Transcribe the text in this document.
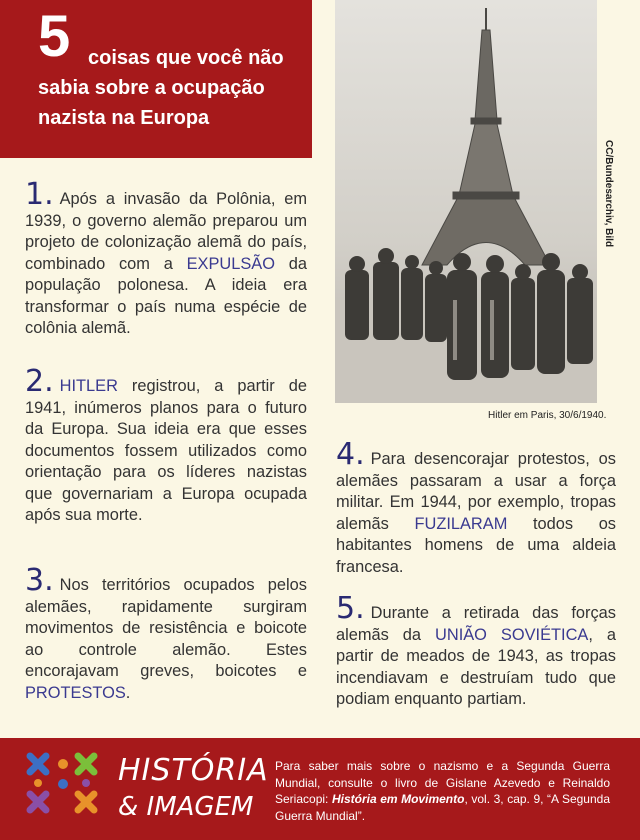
5 coisas que você não
sabia sobre a ocupação
nazista na Europa
CC/Bundesarchiv, Bild
Hitler em Paris, 30/6/1940.
1. Após a invasão da Polônia, em 1939, o governo alemão preparou um projeto de colonização alemã do país, combinado com a EXPULSÃO da população polonesa. A ideia era transformar o país numa espécie de colônia alemã.
2. HITLER registrou, a partir de 1941, inúmeros planos para o futuro da Europa. Sua ideia era que esses documentos fossem utilizados como orientação para os líderes nazistas que governariam a Europa ocupada após sua morte.
3. Nos territórios ocupados pelos alemães, rapidamente surgiram movimentos de resistência e boicote ao controle alemão. Estes encorajavam greves, boicotes e PROTESTOS.
4. Para desencorajar protestos, os alemães passaram a usar a força militar. Em 1944, por exemplo, tropas alemãs FUZILARAM todos os habitantes homens de uma aldeia francesa.
5. Durante a retirada das forças alemãs da UNIÃO SOVIÉTICA, a partir de meados de 1943, as tropas incendiavam e destruíam tudo que podiam enquanto partiam.
HISTÓRIA
& IMAGEM
Para saber mais sobre o nazismo e a Segunda Guerra Mundial, consulte o livro de Gislane Azevedo e Reinaldo Seriacopi: História em Movimento, vol. 3, cap. 9, “A Segunda Guerra Mundial”.
